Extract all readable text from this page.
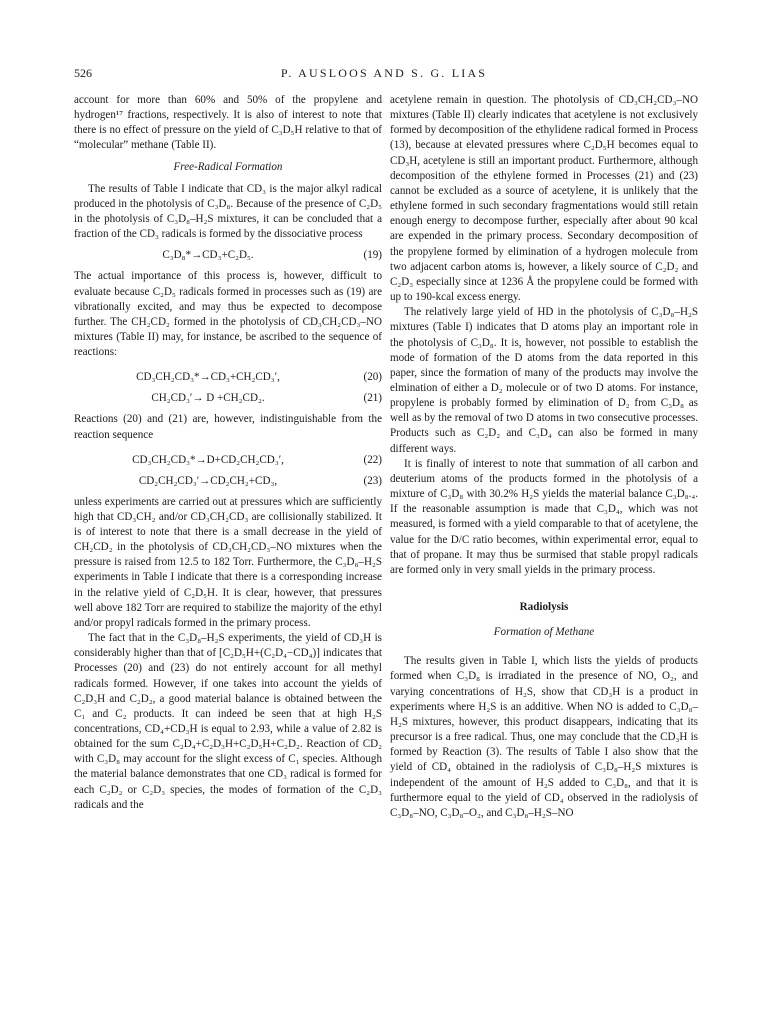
526	P. AUSLOOS AND S. G. LIAS

account for more than 60% and 50% of the propylene and hydrogen¹⁷ fractions, respectively. It is also of interest to note that there is no effect of pressure on the yield of C₃D₅H relative to that of “molecular” methane (Table II).

Free-Radical Formation

The results of Table I indicate that CD₃ is the major alkyl radical produced in the photolysis of C₃D₈. Because of the presence of C₂D₅ in the photolysis of C₃D₈–H₂S mixtures, it can be concluded that a fraction of the CD₃ radicals is formed by the dissociative process

C₃D₈*→CD₃+C₂D₅.	(19)

The actual importance of this process is, however, difficult to evaluate because C₂D₅ radicals formed in processes such as (19) are vibrationally excited, and may thus be expected to decompose further. The CH₂CD₂ formed in the photolysis of CD₃CH₂CD₃–NO mixtures (Table II) may, for instance, be ascribed to the sequence of reactions:

CD₃CH₂CD₃*→CD₃+CH₂CD₃′,	(20)
CH₂CD₃′→ D +CH₂CD₂.	(21)

Reactions (20) and (21) are, however, indistinguishable from the reaction sequence

CD₃CH₂CD₃*→D+CD₂CH₂CD₃′,	(22)
CD₂CH₂CD₃′→CD₂CH₂+CD₃,	(23)

unless experiments are carried out at pressures which are sufficiently high that CD₃CH₂ and/or CD₃CH₂CD₃ are collisionally stabilized. It is of interest to note that there is a small decrease in the yield of CH₂CD₂ in the photolysis of CD₃CH₂CD₃–NO mixtures when the pressure is raised from 12.5 to 182 Torr. Furthermore, the C₃D₈–H₂S experiments in Table I indicate that there is a corresponding increase in the relative yield of C₂D₅H. It is clear, however, that pressures well above 182 Torr are required to stabilize the majority of the ethyl and/or propyl radicals formed in the primary process.

The fact that in the C₃D₈–H₂S experiments, the yield of CD₃H is considerably higher than that of [C₂D₅H+(C₂D₄−CD₄)] indicates that Processes (20) and (23) do not entirely account for all methyl radicals formed. However, if one takes into account the yields of C₂D₃H and C₂D₂, a good material balance is obtained between the C₁ and C₂ products. It can indeed be seen that at high H₂S concentrations, CD₄+CD₃H is equal to 2.93, while a value of 2.82 is obtained for the sum C₂D₄+C₂D₃H+C₂D₅H+C₂D₂. Reaction of CD₂ with C₃D₈ may account for the slight excess of C₁ species. Although the material balance demonstrates that one CD₃ radical is formed for each C₂D₂ or C₂D₃ species, the modes of formation of the C₂D₃ radicals and the

acetylene remain in question. The photolysis of CD₃CH₂CD₃–NO mixtures (Table II) clearly indicates that acetylene is not exclusively formed by decomposition of the ethylidene radical formed in Process (13), because at elevated pressures where C₂D₅H becomes equal to CD₃H, acetylene is still an important product. Furthermore, although decomposition of the ethylene formed in Processes (21) and (23) cannot be excluded as a source of acetylene, it is unlikely that the ethylene formed in such secondary fragmentations would still retain enough energy to decompose further, especially after about 90 kcal are expended in the primary process. Secondary decomposition of the propylene formed by elimination of a hydrogen molecule from two adjacent carbon atoms is, however, a likely source of C₂D₂ and C₂D₃ especially since at 1236 Å the propylene could be formed with up to 190-kcal excess energy.

The relatively large yield of HD in the photolysis of C₃D₈–H₂S mixtures (Table I) indicates that D atoms play an important role in the photolysis of C₃D₈. It is, however, not possible to establish the mode of formation of the D atoms from the data reported in this paper, since the formation of many of the products may involve the elmination of either a D₂ molecule or of two D atoms. For instance, propylene is probably formed by elimination of D₂ from C₃D₈ as well as by the removal of two D atoms in two consecutive processes. Products such as C₂D₂ and C₃D₄ can also be formed in many different ways.

It is finally of interest to note that summation of all carbon and deuterium atoms of the products formed in the photolysis of a mixture of C₃D₈ with 30.2% H₂S yields the material balance C₃D₈.₄. If the reasonable assumption is made that C₃D₄, which was not measured, is formed with a yield comparable to that of acetylene, the value for the D/C ratio becomes, within experimental error, equal to that of propane. It may thus be surmised that stable propyl radicals are formed only in very small yields in the primary process.

Radiolysis
Formation of Methane

The results given in Table I, which lists the yields of products formed when C₃D₈ is irradiated in the presence of NO, O₂, and varying concentrations of H₂S, show that CD₃H is a product in experiments where H₂S is an additive. When NO is added to C₃D₈–H₂S mixtures, however, this product disappears, indicating that its precursor is a free radical. Thus, one may conclude that the CD₃H is formed by Reaction (3). The results of Table I also show that the yield of CD₄ obtained in the radiolysis of C₃D₈–H₂S mixtures is independent of the amount of H₂S added to C₃D₈, and that it is furthermore equal to the yield of CD₄ observed in the radiolysis of C₃D₈–NO, C₃D₈–O₂, and C₃D₈–H₂S–NO
